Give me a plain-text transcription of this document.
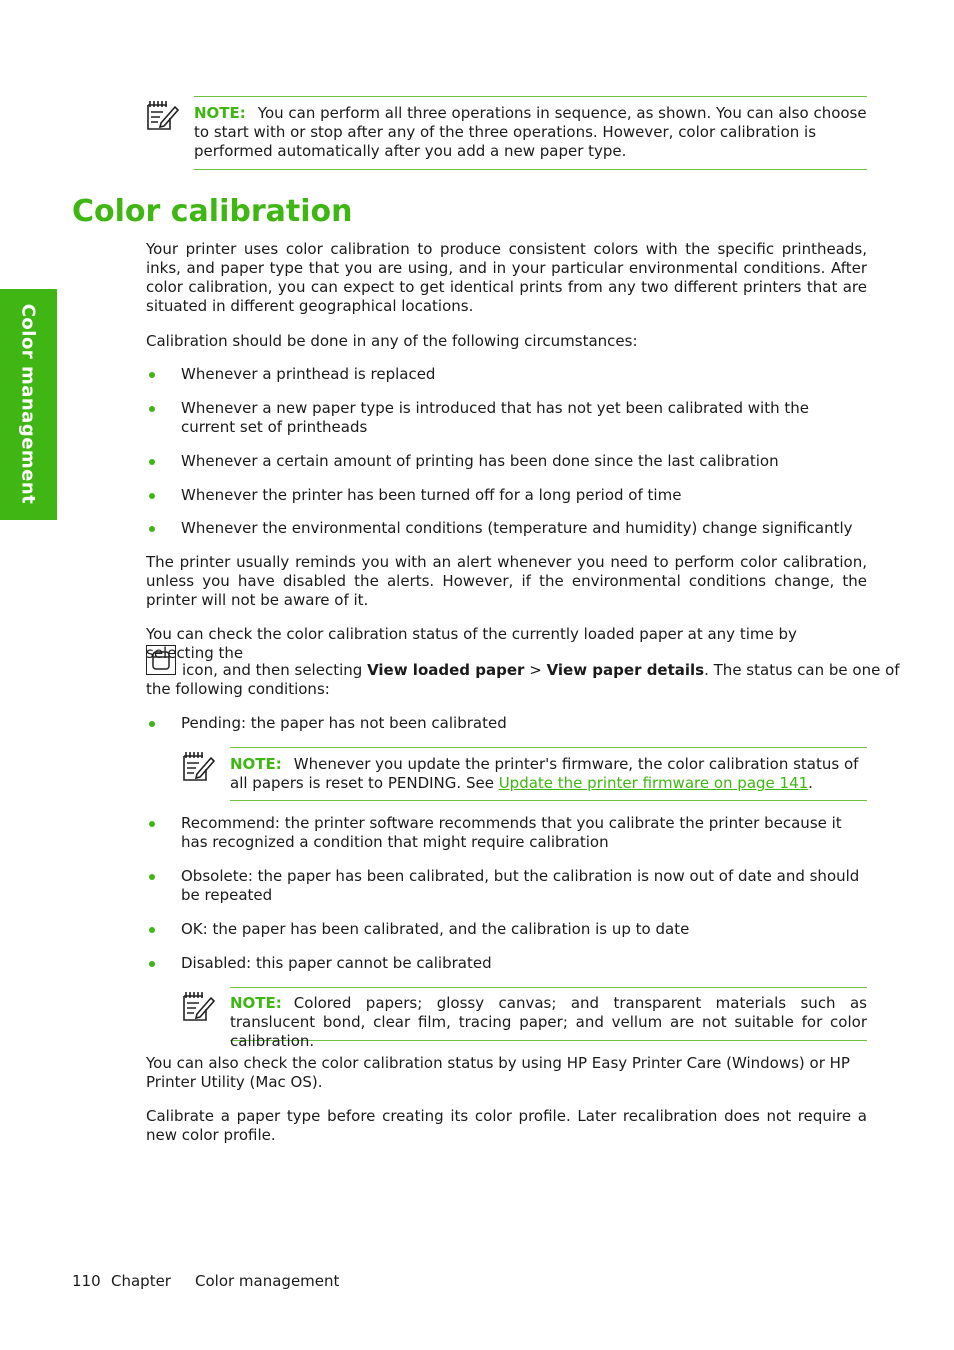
Color management

NOTE: You can perform all three operations in sequence, as shown. You can also choose to start with or stop after any of the three operations. However, color calibration is performed automatically after you add a new paper type.

Color calibration

Your printer uses color calibration to produce consistent colors with the specific printheads, inks, and paper type that you are using, and in your particular environmental conditions. After color calibration, you can expect to get identical prints from any two different printers that are situated in different geographical locations.

Calibration should be done in any of the following circumstances:

Whenever a printhead is replaced

Whenever a new paper type is introduced that has not yet been calibrated with the current set of printheads

Whenever a certain amount of printing has been done since the last calibration

Whenever the printer has been turned off for a long period of time

Whenever the environmental conditions (temperature and humidity) change significantly

The printer usually reminds you with an alert whenever you need to perform color calibration, unless you have disabled the alerts. However, if the environmental conditions change, the printer will not be aware of it.

You can check the color calibration status of the currently loaded paper at any time by selecting the

icon, and then selecting View loaded paper > View paper details. The status can be one of

the following conditions:

Pending: the paper has not been calibrated

NOTE: Whenever you update the printer's firmware, the color calibration status of all papers is reset to PENDING. See Update the printer firmware on page 141.

Recommend: the printer software recommends that you calibrate the printer because it has recognized a condition that might require calibration

Obsolete: the paper has been calibrated, but the calibration is now out of date and should be repeated

OK: the paper has been calibrated, and the calibration is up to date

Disabled: this paper cannot be calibrated

NOTE: Colored papers; glossy canvas; and transparent materials such as translucent bond, clear film, tracing paper; and vellum are not suitable for color calibration.

You can also check the color calibration status by using HP Easy Printer Care (Windows) or HP Printer Utility (Mac OS).

Calibrate a paper type before creating its color profile. Later recalibration does not require a new color profile.

110 Chapter Color management
